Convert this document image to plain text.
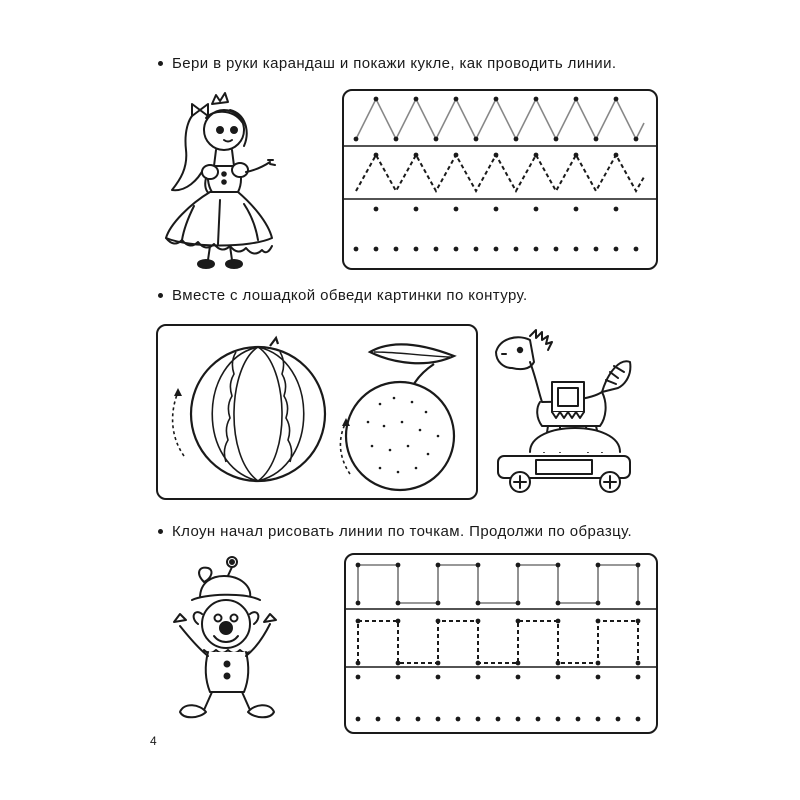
Бери в руки карандаш и покажи кукле, как проводить линии.
Вместе с лошадкой обведи картинки по контуру.
Клоун начал рисовать линии по точкам. Продолжи по образцу.
4
